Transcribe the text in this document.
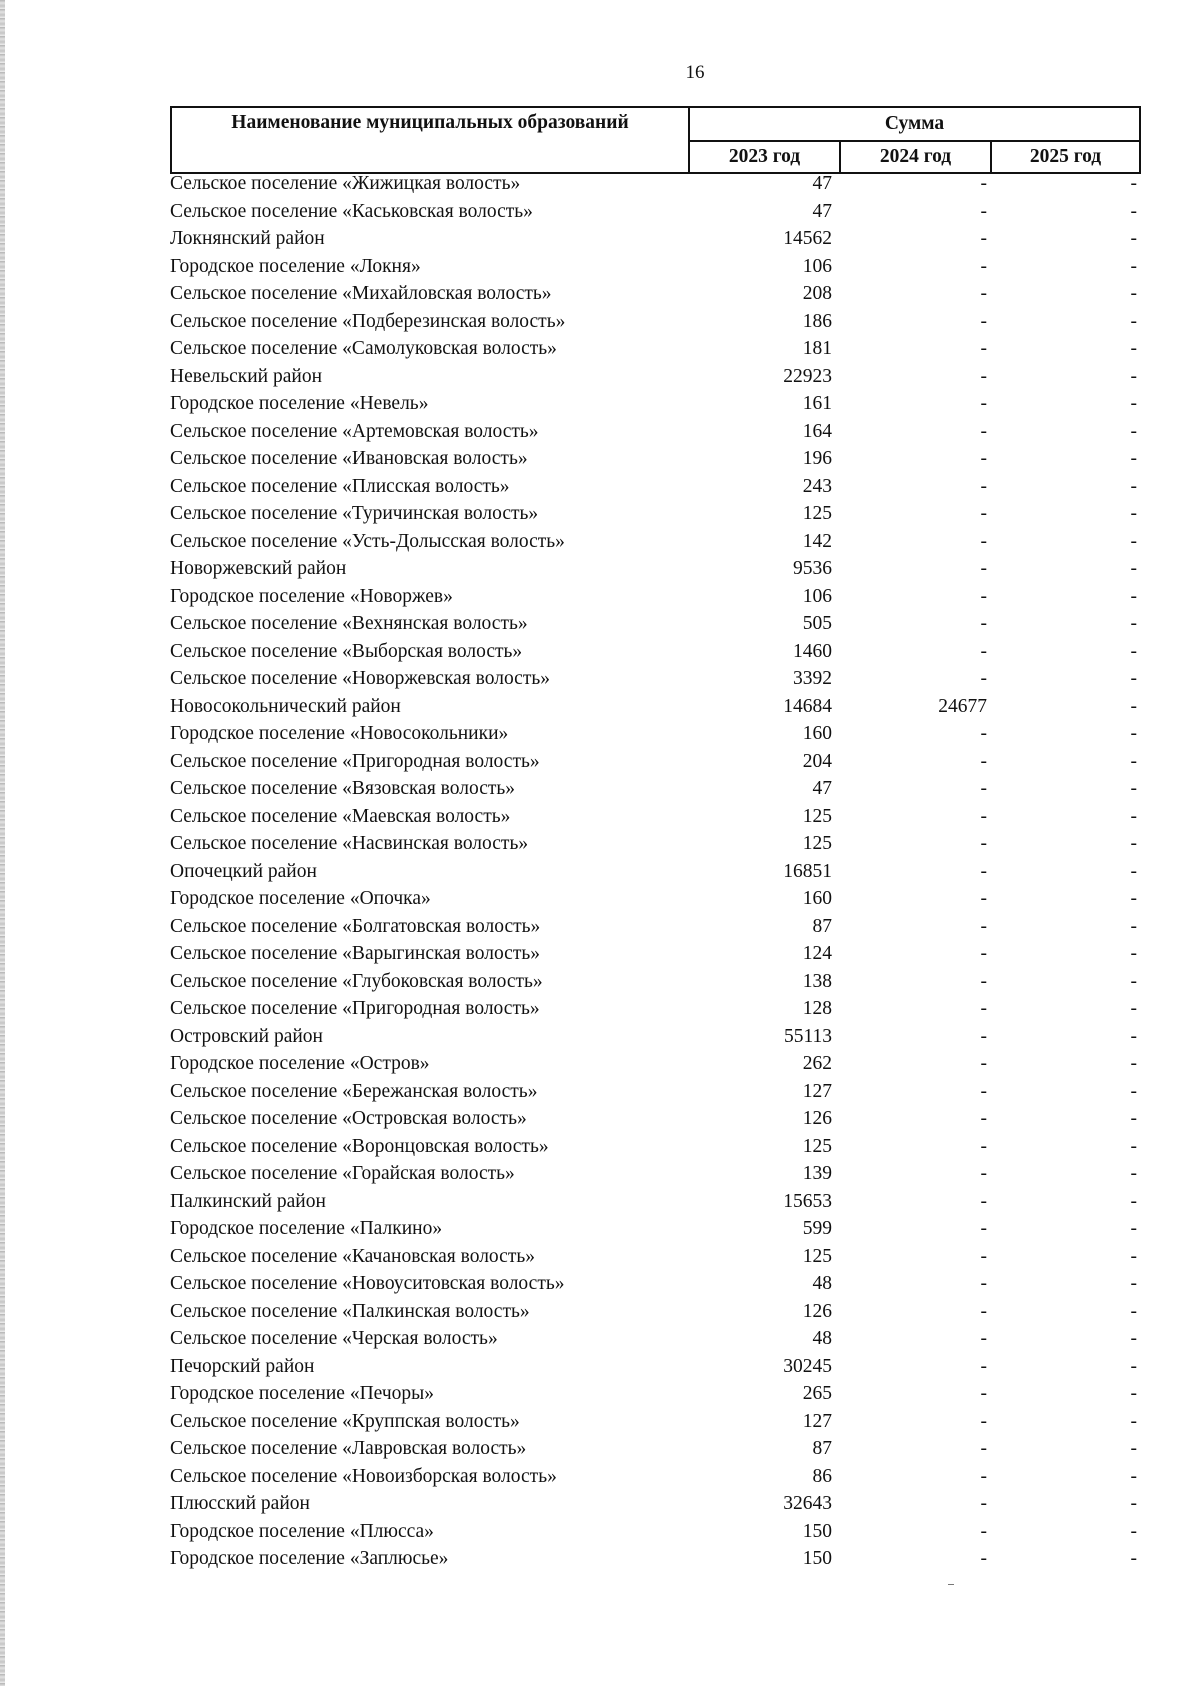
16
Наименование муниципальных образований	Сумма		
	2023 год	2024 год	2025 год
Сельское поселение «Жижицкая волость»	47	-	-
Сельское поселение «Каськовская волость»	47	-	-
Локнянский район	14562	-	-
Городское поселение «Локня»	106	-	-
Сельское поселение «Михайловская волость»	208	-	-
Сельское поселение «Подберезинская волость»	186	-	-
Сельское поселение «Самолуковская волость»	181	-	-
Невельский район	22923	-	-
Городское поселение «Невель»	161	-	-
Сельское поселение «Артемовская волость»	164	-	-
Сельское поселение «Ивановская волость»	196	-	-
Сельское поселение «Плисская волость»	243	-	-
Сельское поселение «Туричинская волость»	125	-	-
Сельское поселение «Усть-Долысская волость»	142	-	-
Новоржевский район	9536	-	-
Городское поселение «Новоржев»	106	-	-
Сельское поселение «Вехнянская волость»	505	-	-
Сельское поселение «Выборская волость»	1460	-	-
Сельское поселение «Новоржевская волость»	3392	-	-
Новосокольнический район	14684	24677	-
Городское поселение «Новосокольники»	160	-	-
Сельское поселение «Пригородная волость»	204	-	-
Сельское поселение «Вязовская волость»	47	-	-
Сельское поселение «Маевская волость»	125	-	-
Сельское поселение «Насвинская волость»	125	-	-
Опочецкий район	16851	-	-
Городское поселение «Опочка»	160	-	-
Сельское поселение «Болгатовская волость»	87	-	-
Сельское поселение «Варыгинская волость»	124	-	-
Сельское поселение «Глубоковская волость»	138	-	-
Сельское поселение «Пригородная волость»	128	-	-
Островский район	55113	-	-
Городское поселение «Остров»	262	-	-
Сельское поселение «Бережанская волость»	127	-	-
Сельское поселение «Островская волость»	126	-	-
Сельское поселение «Воронцовская волость»	125	-	-
Сельское поселение «Горайская волость»	139	-	-
Палкинский район	15653	-	-
Городское поселение «Палкино»	599	-	-
Сельское поселение «Качановская волость»	125	-	-
Сельское поселение «Новоуситовская волость»	48	-	-
Сельское поселение «Палкинская волость»	126	-	-
Сельское поселение «Черская волость»	48	-	-
Печорский район	30245	-	-
Городское поселение «Печоры»	265	-	-
Сельское поселение «Круппская волость»	127	-	-
Сельское поселение «Лавровская волость»	87	-	-
Сельское поселение «Новоизборская волость»	86	-	-
Плюсский район	32643	-	-
Городское поселение «Плюсса»	150	-	-
Городское поселение «Заплюсье»	150	-	-
